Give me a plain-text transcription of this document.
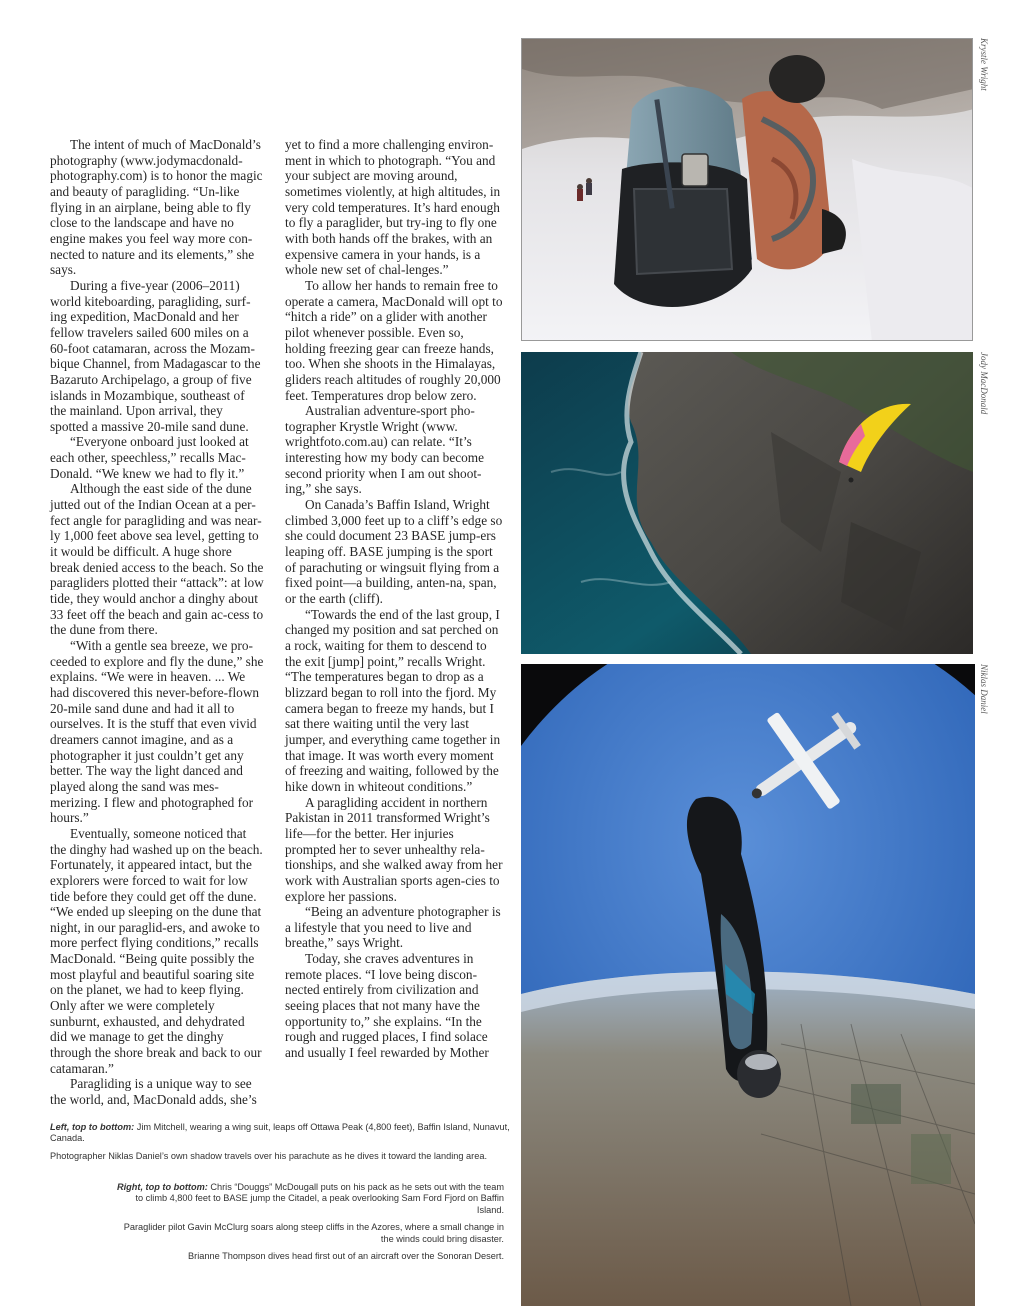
The intent of much of MacDonald’s photography (www.jodymacdonald-photography.com) is to honor the magic and beauty of paragliding. “Un-like flying in an airplane, being able to fly close to the landscape and have no engine makes you feel way more con-nected to nature and its elements,” she says.

During a five-year (2006–2011) world kiteboarding, paragliding, surf-ing expedition, MacDonald and her fellow travelers sailed 600 miles on a 60-foot catamaran, across the Mozam-bique Channel, from Madagascar to the Bazaruto Archipelago, a group of five islands in Mozambique, southeast of the mainland. Upon arrival, they spotted a massive 20-mile sand dune.

“Everyone onboard just looked at each other, speechless,” recalls Mac-Donald. “We knew we had to fly it.”

Although the east side of the dune jutted out of the Indian Ocean at a per-fect angle for paragliding and was near-ly 1,000 feet above sea level, getting to it would be difficult. A huge shore break denied access to the beach. So the paragliders plotted their “attack”: at low tide, they would anchor a dinghy about 33 feet off the beach and gain ac-cess to the dune from there.

“With a gentle sea breeze, we pro-ceeded to explore and fly the dune,” she explains. “We were in heaven. ... We had discovered this never-before-flown 20-mile sand dune and had it all to ourselves. It is the stuff that even vivid dreamers cannot imagine, and as a photographer it just couldn’t get any better. The way the light danced and played along the sand was mes-merizing. I flew and photographed for hours.”

Eventually, someone noticed that the dinghy had washed up on the beach. Fortunately, it appeared intact, but the explorers were forced to wait for low tide before they could get off the dune. “We ended up sleeping on the dune that night, in our paraglid-ers, and awoke to more perfect flying conditions,” recalls MacDonald. “Being quite possibly the most playful and beautiful soaring site on the planet, we had to keep flying. Only after we were completely sunburnt, exhausted, and dehydrated did we manage to get the dinghy through the shore break and back to our catamaran.”

Paragliding is a unique way to see the world, and, MacDonald adds, she’s

yet to find a more challenging environ-ment in which to photograph. “You and your subject are moving around, sometimes violently, at high altitudes, in very cold temperatures. It’s hard enough to fly a paraglider, but try-ing to fly one with both hands off the brakes, with an expensive camera in your hands, is a whole new set of chal-lenges.”

To allow her hands to remain free to operate a camera, MacDonald will opt to “hitch a ride” on a glider with another pilot whenever possible. Even so, holding freezing gear can freeze hands, too. When she shoots in the Himalayas, gliders reach altitudes of roughly 20,000 feet. Temperatures drop below zero.

Australian adventure-sport pho-tographer Krystle Wright (www. wrightfoto.com.au) can relate. “It’s interesting how my body can become second priority when I am out shoot-ing,” she says.

On Canada’s Baffin Island, Wright climbed 3,000 feet up to a cliff’s edge so she could document 23 BASE jump-ers leaping off. BASE jumping is the sport of parachuting or wingsuit flying from a fixed point—a building, anten-na, span, or the earth (cliff).

“Towards the end of the last group, I changed my position and sat perched on a rock, waiting for them to descend to the exit [jump] point,” recalls Wright. “The temperatures began to drop as a blizzard began to roll into the fjord. My camera began to freeze my hands, but I sat there waiting until the very last jumper, and everything came together in that image. It was worth every moment of freezing and waiting, followed by the hike down in whiteout conditions.”

A paragliding accident in northern Pakistan in 2011 transformed Wright’s life—for the better. Her injuries prompted her to sever unhealthy rela-tionships, and she walked away from her work with Australian sports agen-cies to explore her passions.

“Being an adventure photographer is a lifestyle that you need to live and breathe,” says Wright.

Today, she craves adventures in remote places. “I love being discon-nected entirely from civilization and seeing places that not many have the opportunity to,” she explains. “In the rough and rugged places, I find solace and usually I feel rewarded by Mother

Left, top to bottom: Jim Mitchell, wearing a wing suit, leaps off Ottawa Peak (4,800 feet), Baffin Island, Nunavut, Canada.

Photographer Niklas Daniel’s own shadow travels over his parachute as he dives it toward the landing area.

Right, top to bottom: Chris “Douggs” McDougall puts on his pack as he sets out with the team to climb 4,800 feet to BASE jump the Citadel, a peak overlooking Sam Ford Fjord on Baffin Island.

Paraglider pilot Gavin McClurg soars along steep cliffs in the Azores, where a small change in the winds could bring disaster.

Brianne Thompson dives head first out of an aircraft over the Sonoran Desert.

Krystle Wright
Jody MacDonald
Niklas Daniel
